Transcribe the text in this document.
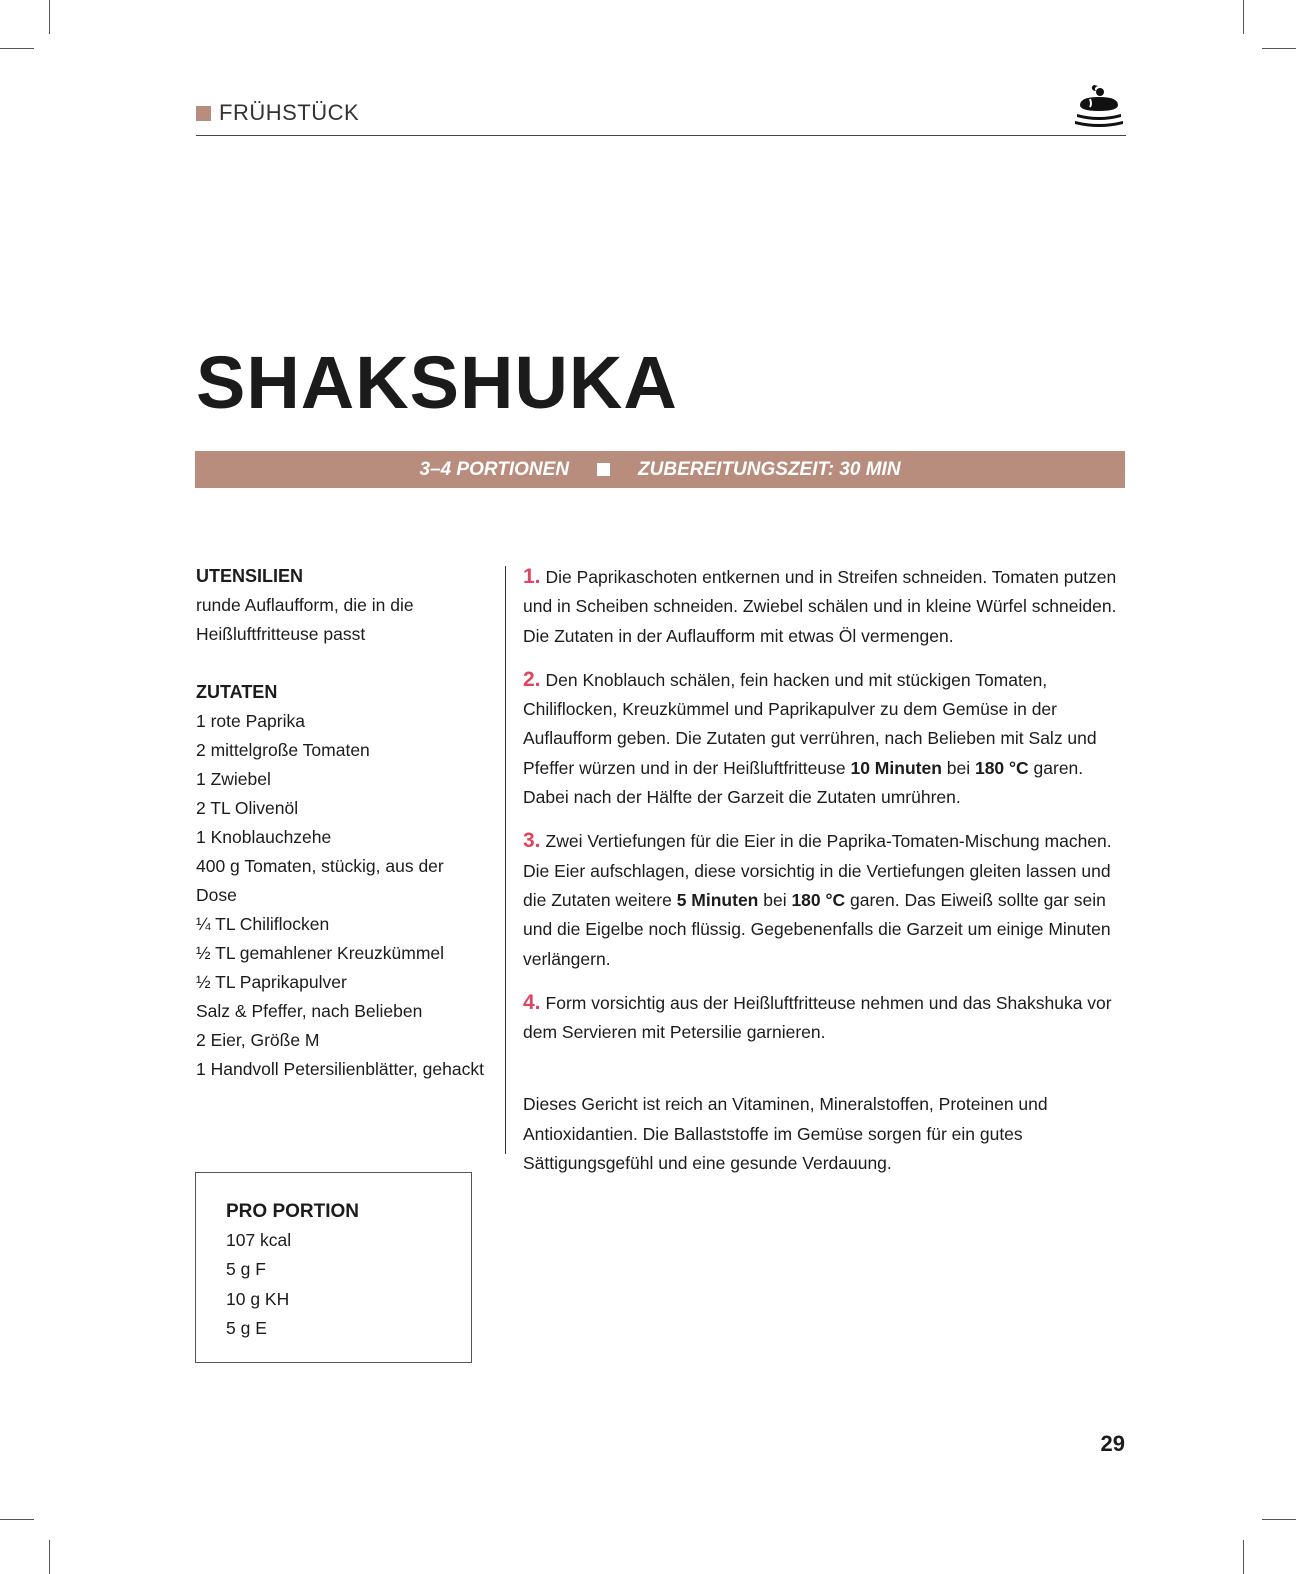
FRÜHSTÜCK
SHAKSHUKA
3–4 PORTIONEN	ZUBEREITUNGSZEIT: 30 MIN
UTENSILIEN

runde Auflaufform, die in die Heißluftfritteuse passt

ZUTATEN
1 rote Paprika
2 mittelgroße Tomaten
1 Zwiebel
2 TL Olivenöl
1 Knoblauchzehe
400 g Tomaten, stückig, aus der Dose
¼ TL Chiliflocken
½ TL gemahlener Kreuzkümmel
½ TL Paprikapulver
Salz & Pfeffer, nach Belieben
2 Eier, Größe M
1 Handvoll Petersilienblätter, gehackt

1. Die Paprikaschoten entkernen und in Streifen schneiden. Tomaten putzen und in Scheiben schneiden. Zwiebel schälen und in kleine Würfel schneiden. Die Zutaten in der Auflaufform mit etwas Öl vermengen.

2. Den Knoblauch schälen, fein hacken und mit stückigen Tomaten, Chiliflocken, Kreuzkümmel und Paprikapulver zu dem Gemüse in der Auflaufform geben. Die Zutaten gut verrühren, nach Belieben mit Salz und Pfeffer würzen und in der Heißluftfritteuse 10 Minuten bei 180 °C garen. Dabei nach der Hälfte der Garzeit die Zutaten umrühren.

3. Zwei Vertiefungen für die Eier in die Paprika-Tomaten-Mischung machen. Die Eier aufschlagen, diese vorsichtig in die Vertiefungen gleiten lassen und die Zutaten weitere 5 Minuten bei 180 °C garen. Das Eiweiß sollte gar sein und die Eigelbe noch flüssig. Gegebenenfalls die Garzeit um einige Minuten verlängern.

4. Form vorsichtig aus der Heißluftfritteuse nehmen und das Shakshuka vor dem Servieren mit Petersilie garnieren.

Dieses Gericht ist reich an Vitaminen, Mineralstoffen, Proteinen und Antioxidantien. Die Ballaststoffe im Gemüse sorgen für ein gutes Sättigungsgefühl und eine gesunde Verdauung.

PRO PORTION
107 kcal
5 g F
10 g KH
5 g E
29
